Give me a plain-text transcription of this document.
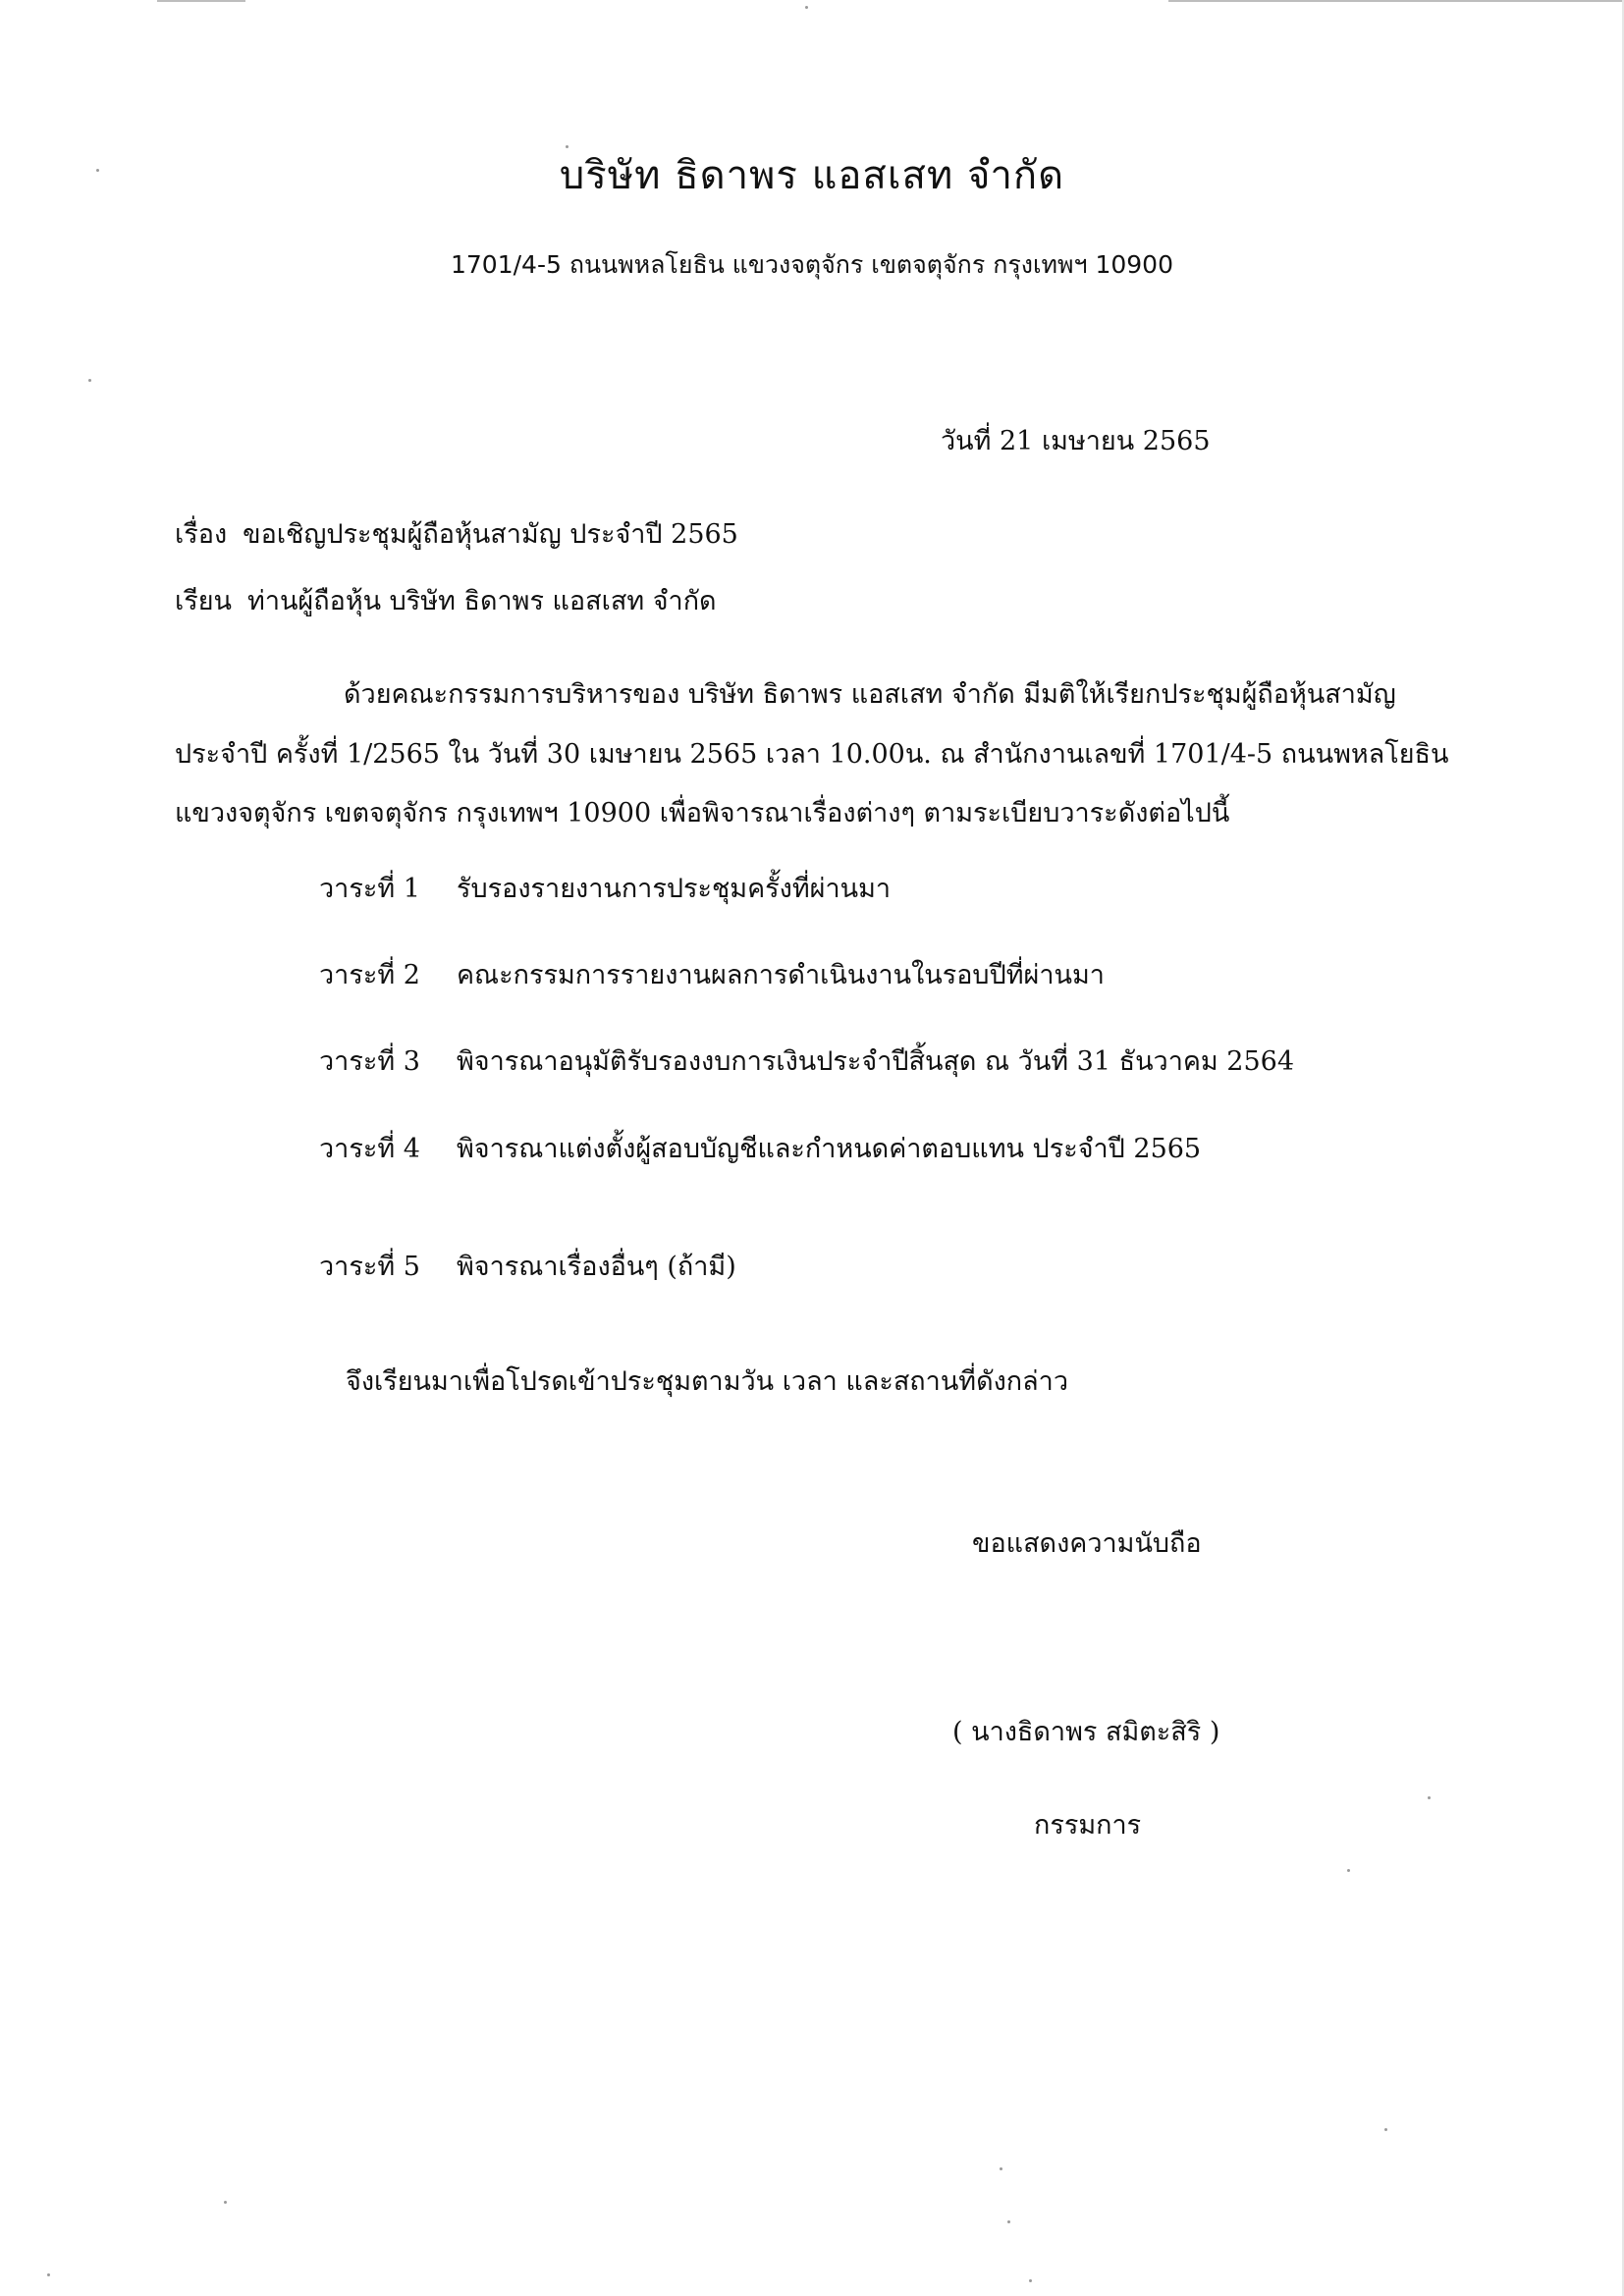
บริษัท ธิดาพร แอสเสท จำกัด
1701/4-5 ถนนพหลโยธิน แขวงจตุจักร เขตจตุจักร กรุงเทพฯ 10900
วันที่ 21 เมษายน 2565
เรื่อง ขอเชิญประชุมผู้ถือหุ้นสามัญ ประจำปี 2565
เรียน ท่านผู้ถือหุ้น บริษัท ธิดาพร แอสเสท จำกัด
ด้วยคณะกรรมการบริหารของ บริษัท ธิดาพร แอสเสท จำกัด มีมติให้เรียกประชุมผู้ถือหุ้นสามัญ
ประจำปี ครั้งที่ 1/2565 ใน วันที่ 30 เมษายน 2565 เวลา 10.00น. ณ สำนักงานเลขที่ 1701/4-5 ถนนพหลโยธิน
แขวงจตุจักร เขตจตุจักร กรุงเทพฯ 10900 เพื่อพิจารณาเรื่องต่างๆ ตามระเบียบวาระดังต่อไปนี้
วาระที่ 1 รับรองรายงานการประชุมครั้งที่ผ่านมา
วาระที่ 2 คณะกรรมการรายงานผลการดำเนินงานในรอบปีที่ผ่านมา
วาระที่ 3 พิจารณาอนุมัติรับรองงบการเงินประจำปีสิ้นสุด ณ วันที่ 31 ธันวาคม 2564
วาระที่ 4 พิจารณาแต่งตั้งผู้สอบบัญชีและกำหนดค่าตอบแทน ประจำปี 2565
วาระที่ 5 พิจารณาเรื่องอื่นๆ (ถ้ามี)
จึงเรียนมาเพื่อโปรดเข้าประชุมตามวัน เวลา และสถานที่ดังกล่าว
ขอแสดงความนับถือ
( นางธิดาพร สมิตะสิริ )
กรรมการ
